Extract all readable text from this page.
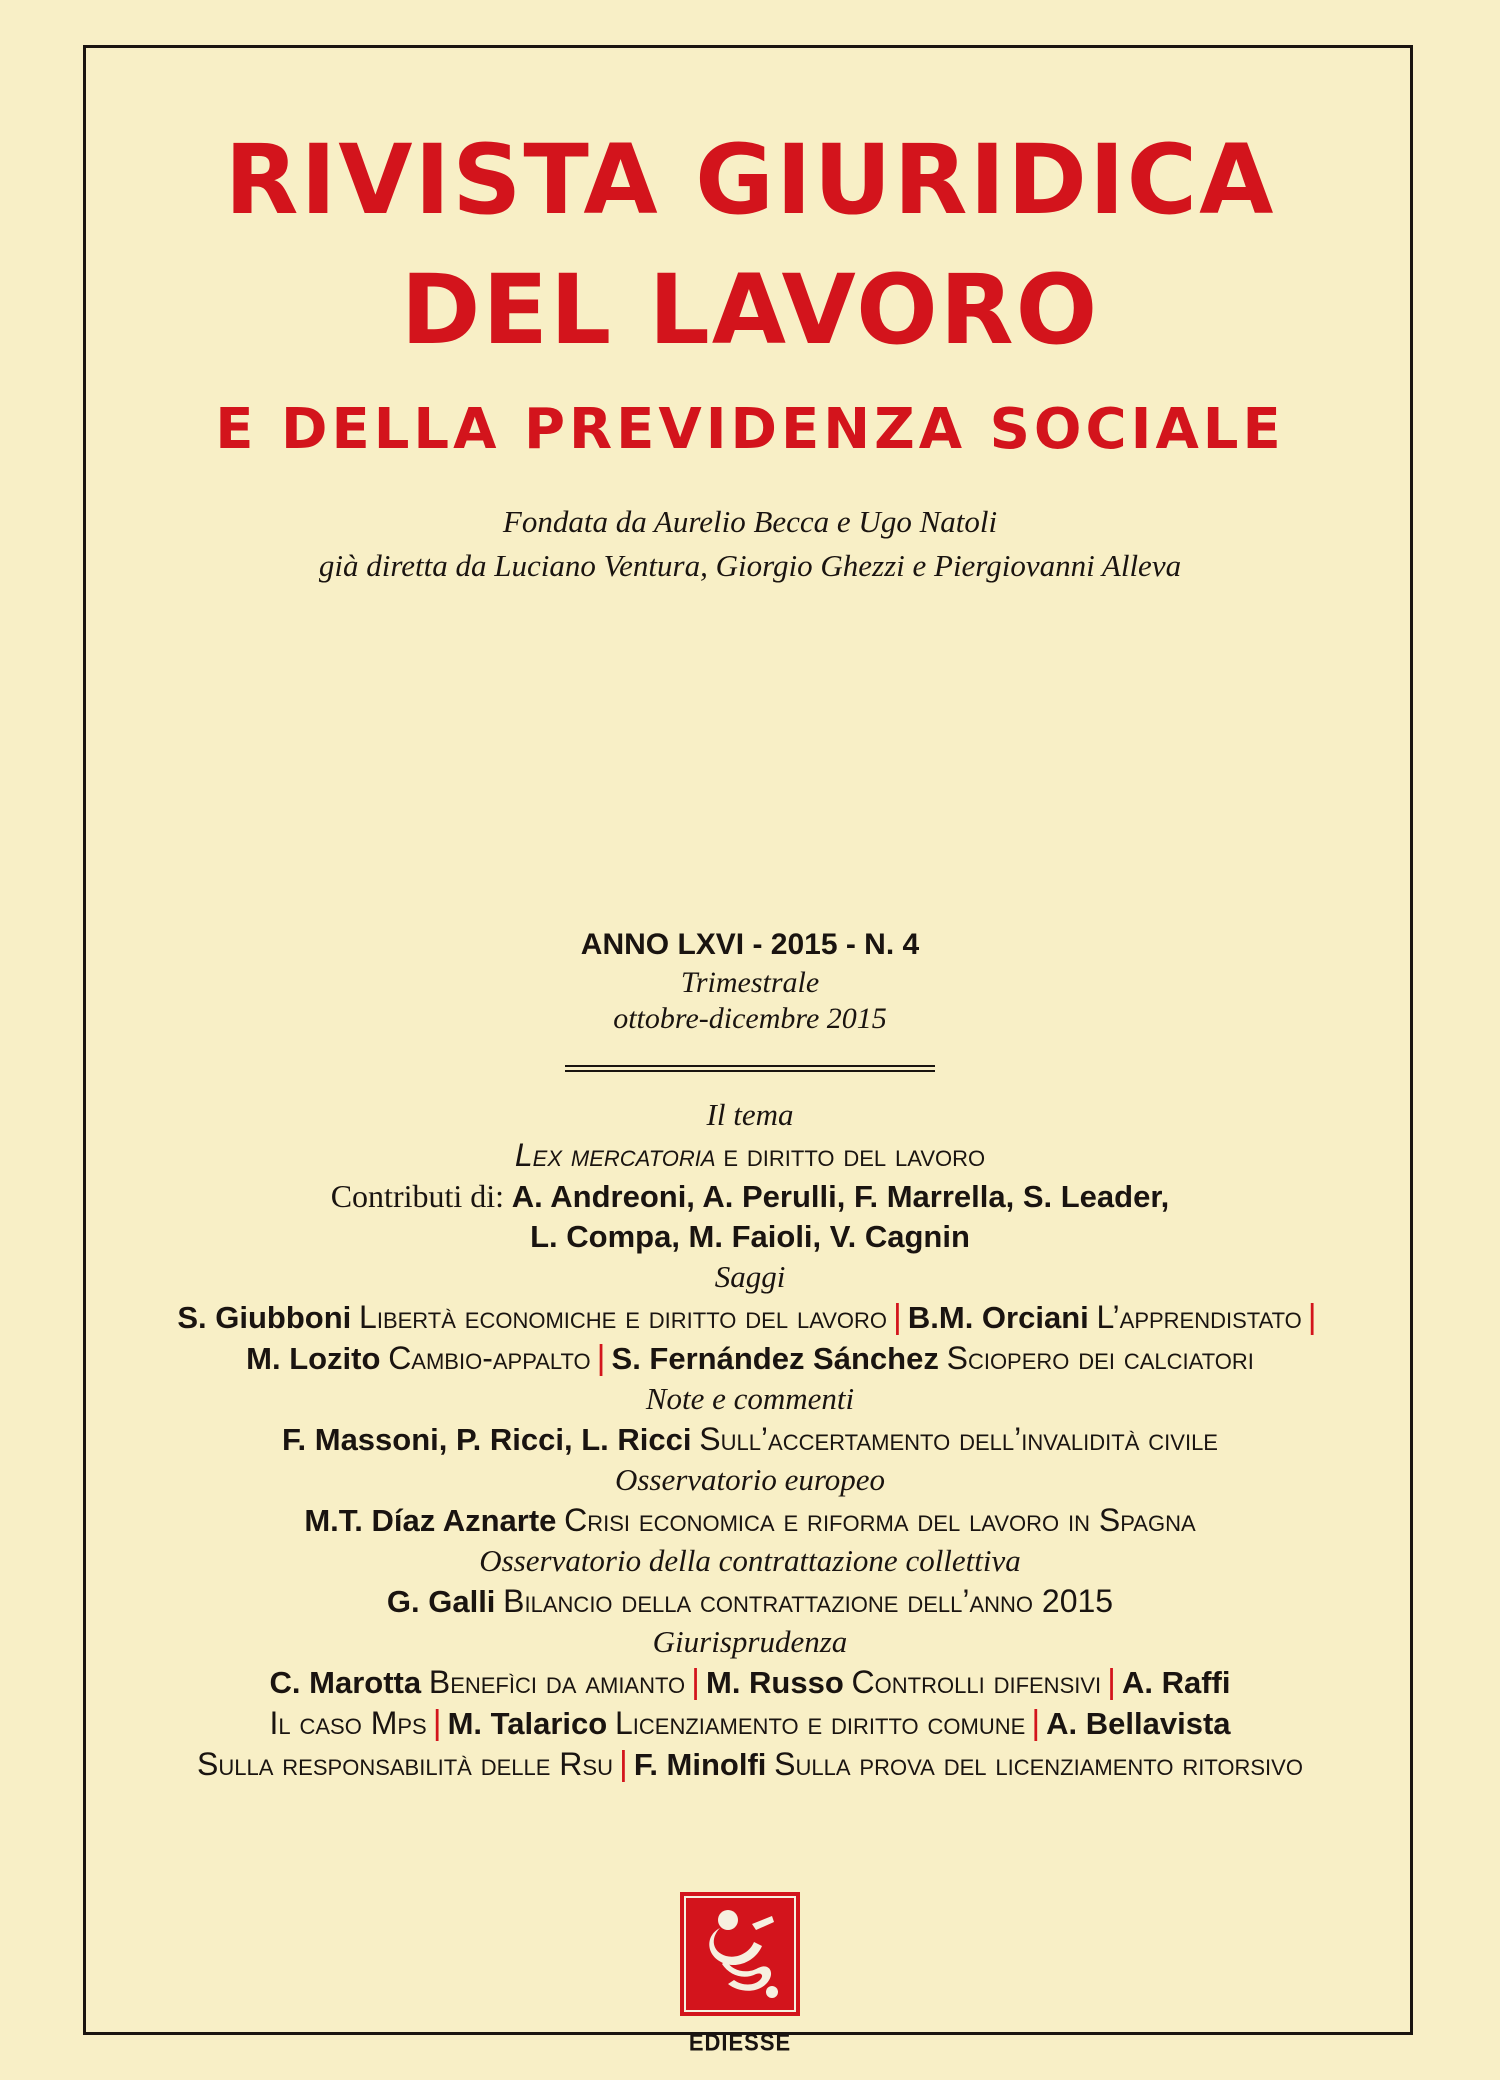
RIVISTA GIURIDICA
DEL LAVORO
E DELLA PREVIDENZA SOCIALE
Fondata da Aurelio Becca e Ugo Natoli
già diretta da Luciano Ventura, Giorgio Ghezzi e Piergiovanni Alleva
ANNO LXVI - 2015 - N. 4
Trimestrale
ottobre-dicembre 2015
Il tema
Lex mercatoria e diritto del lavoro
Contributi di: A. Andreoni, A. Perulli, F. Marrella, S. Leader,
L. Compa, M. Faioli, V. Cagnin
Saggi
S. Giubboni Libertà economiche e diritto del lavoro | B.M. Orciani L’apprendistato |
M. Lozito Cambio-appalto | S. Fernández Sánchez Sciopero dei calciatori
Note e commenti
F. Massoni, P. Ricci, L. Ricci Sull’accertamento dell’invalidità civile
Osservatorio europeo
M.T. Díaz Aznarte Crisi economica e riforma del lavoro in Spagna
Osservatorio della contrattazione collettiva
G. Galli Bilancio della contrattazione dell’anno 2015
Giurisprudenza
C. Marotta Benefìci da amianto | M. Russo Controlli difensivi | A. Raffi
Il caso Mps | M. Talarico Licenziamento e diritto comune | A. Bellavista
Sulla responsabilità delle Rsu | F. Minolfi Sulla prova del licenziamento ritorsivo
EDIESSE
